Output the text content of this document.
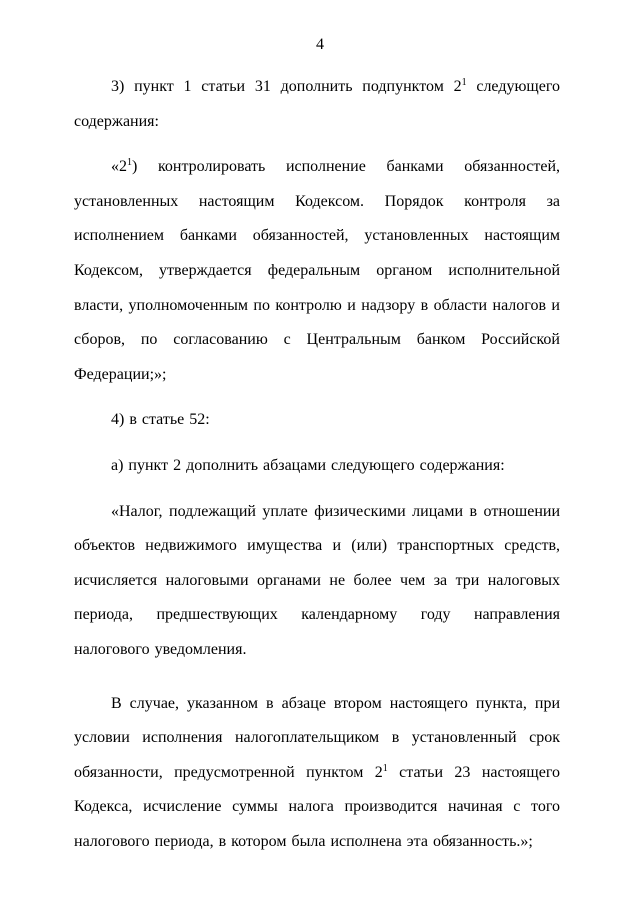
4

3) пункт 1 статьи 31 дополнить подпунктом $2^1$ следующего содержания:

«$2^1$) контролировать исполнение банками обязанностей, установленных настоящим Кодексом. Порядок контроля за исполнением банками обязанностей, установленных настоящим Кодексом, утверждается федеральным органом исполнительной власти, уполномоченным по контролю и надзору в области налогов и сборов, по согласованию с Центральным банком Российской Федерации;»;

4) в статье 52:

а) пункт 2 дополнить абзацами следующего содержания:

«Налог, подлежащий уплате физическими лицами в отношении объектов недвижимого имущества и (или) транспортных средств, исчисляется налоговыми органами не более чем за три налоговых периода, предшествующих календарному году направления налогового уведомления.

В случае, указанном в абзаце втором настоящего пункта, при условии исполнения налогоплательщиком в установленный срок обязанности, предусмотренной пунктом $2^1$ статьи 23 настоящего Кодекса, исчисление суммы налога производится начиная с того налогового периода, в котором была исполнена эта обязанность.»;
